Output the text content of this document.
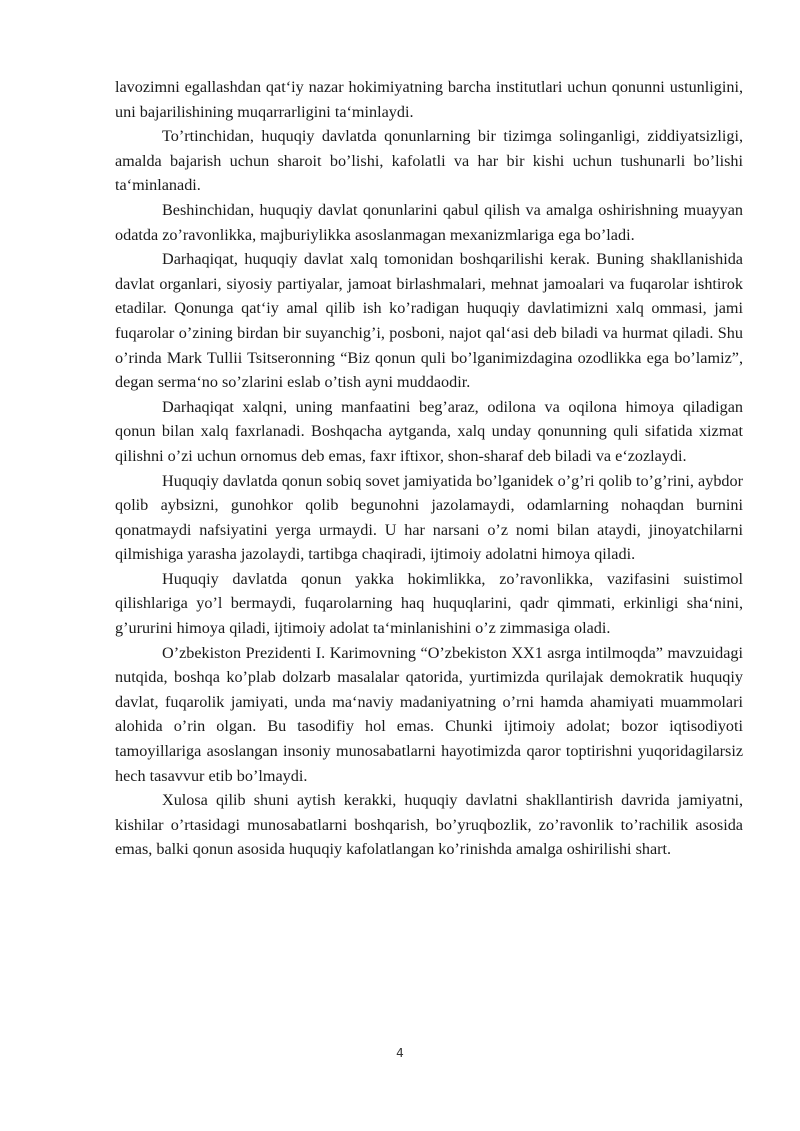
lavozimni egallashdan qat‘iy nazar hokimiyatning barcha institutlari uchun qonunni ustunligini, uni bajarilishining muqarrarligini ta‘minlaydi.

To’rtinchidan, huquqiy davlatda qonunlarning bir tizimga solinganligi, ziddiyatsizligi, amalda bajarish uchun sharoit bo’lishi, kafolatli va har bir kishi uchun tushunarli bo’lishi ta‘minlanadi.

Beshinchidan, huquqiy davlat qonunlarini qabul qilish va amalga oshirishning muayyan odatda zo’ravonlikka, majburiylikka asoslanmagan mexanizmlariga ega bo’ladi.

Darhaqiqat, huquqiy davlat xalq tomonidan boshqarilishi kerak. Buning shakllanishida davlat organlari, siyosiy partiyalar, jamoat birlashmalari, mehnat jamoalari va fuqarolar ishtirok etadilar. Qonunga qat‘iy amal qilib ish ko’radigan huquqiy davlatimizni xalq ommasi, jami fuqarolar o’zining birdan bir suyanchig’i, posboni, najot qal‘asi deb biladi va hurmat qiladi. Shu o’rinda Mark Tullii Tsitseronning “Biz qonun quli bo’lganimizdagina ozodlikka ega bo’lamiz”, degan serma‘no so’zlarini eslab o’tish ayni muddaodir.

Darhaqiqat xalqni, uning manfaatini beg’araz, odilona va oqilona himoya qiladigan qonun bilan xalq faxrlanadi. Boshqacha aytganda, xalq unday qonunning quli sifatida xizmat qilishni o’zi uchun ornomus deb emas, faxr iftixor, shon-sharaf deb biladi va e‘zozlaydi.

Huquqiy davlatda qonun sobiq sovet jamiyatida bo’lganidek o’g’ri qolib to’g’rini, aybdor qolib aybsizni, gunohkor qolib begunohni jazolamaydi, odamlarning nohaqdan burnini qonatmaydi nafsiyatini yerga urmaydi. U har narsani o’z nomi bilan ataydi, jinoyatchilarni qilmishiga yarasha jazolaydi, tartibga chaqiradi, ijtimoiy adolatni himoya qiladi.

Huquqiy davlatda qonun yakka hokimlikka, zo’ravonlikka, vazifasini suistimol qilishlariga yo’l bermaydi, fuqarolarning haq huquqlarini, qadr qimmati, erkinligi sha‘nini, g’ururini himoya qiladi, ijtimoiy adolat ta‘minlanishini o’z zimmasiga oladi.

O’zbekiston Prezidenti I. Karimovning “O’zbekiston XX1 asrga intilmoqda” mavzuidagi nutqida, boshqa ko’plab dolzarb masalalar qatorida, yurtimizda qurilajak demokratik huquqiy davlat, fuqarolik jamiyati, unda ma‘naviy madaniyatning o’rni hamda ahamiyati muammolari alohida o’rin olgan. Bu tasodifiy hol emas. Chunki ijtimoiy adolat; bozor iqtisodiyoti tamoyillariga asoslangan insoniy munosabatlarni hayotimizda qaror toptirishni yuqoridagilarsiz hech tasavvur etib bo’lmaydi.

Xulosa qilib shuni aytish kerakki, huquqiy davlatni shakllantirish davrida jamiyatni, kishilar o’rtasidagi munosabatlarni boshqarish, bo’yruqbozlik, zo’ravonlik to’rachilik asosida emas, balki qonun asosida huquqiy kafolatlangan ko’rinishda amalga oshirilishi shart.

4
